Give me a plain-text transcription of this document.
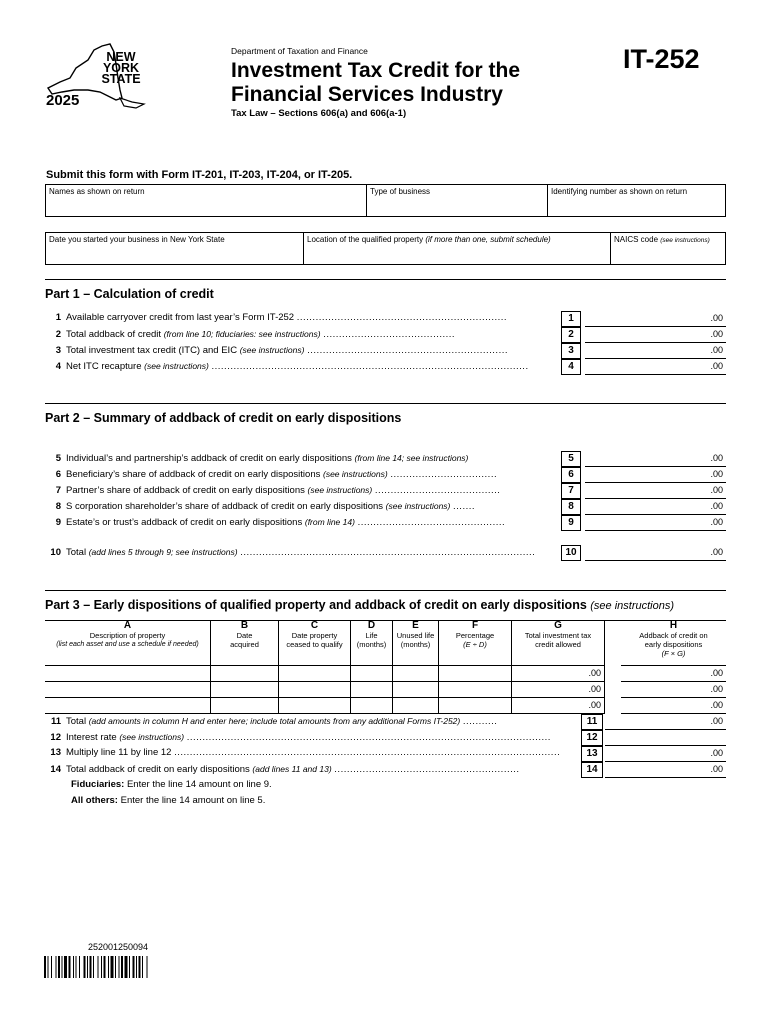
NEW
YORK
STATE
2025
Department of Taxation and Finance
Investment Tax Credit for the
Financial Services Industry
Tax Law – Sections 606(a) and 606(a-1)
IT-252
Submit this form with Form IT-201, IT-203, IT-204, or IT-205.
Names as shown on return	Type of business	Identifying number as shown on return
Date you started your business in New York State	Location of the qualified property (if more than one, submit schedule)	NAICS code (see instructions)
Part 1 – Calculation of credit
1 Available carryover credit from last year’s Form IT-252 ...................................................................	1	.00
2 Total addback of credit (from line 10; fiduciaries: see instructions) ..........................................	2	.00
3 Total investment tax credit (ITC) and EIC (see instructions) ................................................................	3	.00
4 Net ITC recapture (see instructions) .....................................................................................................	4	.00
Part 2 – Summary of addback of credit on early dispositions
5 Individual’s and partnership’s addback of credit on early dispositions (from line 14; see instructions)	5	.00
6 Beneficiary’s share of addback of credit on early dispositions (see instructions) ..................................	6	.00
7 Partner’s share of addback of credit on early dispositions (see instructions) ........................................	7	.00
8 S corporation shareholder’s share of addback of credit on early dispositions (see instructions) .......	8	.00
9 Estate’s or trust’s addback of credit on early dispositions (from line 14) ...............................................	9	.00
10 Total (add lines 5 through 9; see instructions) ..............................................................................................	10	.00
Part 3 – Early dispositions of qualified property and addback of credit on early dispositions (see instructions)
A
Description of property
(list each asset and use a schedule if needed)
B
Date
acquired
C
Date property
ceased to qualify
D
Life
(months)
E
Unused life
(months)
F
Percentage
(E ÷ D)
G
Total investment tax
credit allowed
H
Addback of credit on
early dispositions
(F × G)
.00	.00
.00	.00
.00	.00
11 Total (add amounts in column H and enter here; include total amounts from any additional Forms IT-252) ...........	11	.00
12 Interest rate (see instructions) ....................................................................................................................	12
13 Multiply line 11 by line 12 ...........................................................................................................................	13	.00
14 Total addback of credit on early dispositions (add lines 11 and 13) ...........................................................	14	.00
Fiduciaries: Enter the line 14 amount on line 9.
All others: Enter the line 14 amount on line 5.
252001250094
